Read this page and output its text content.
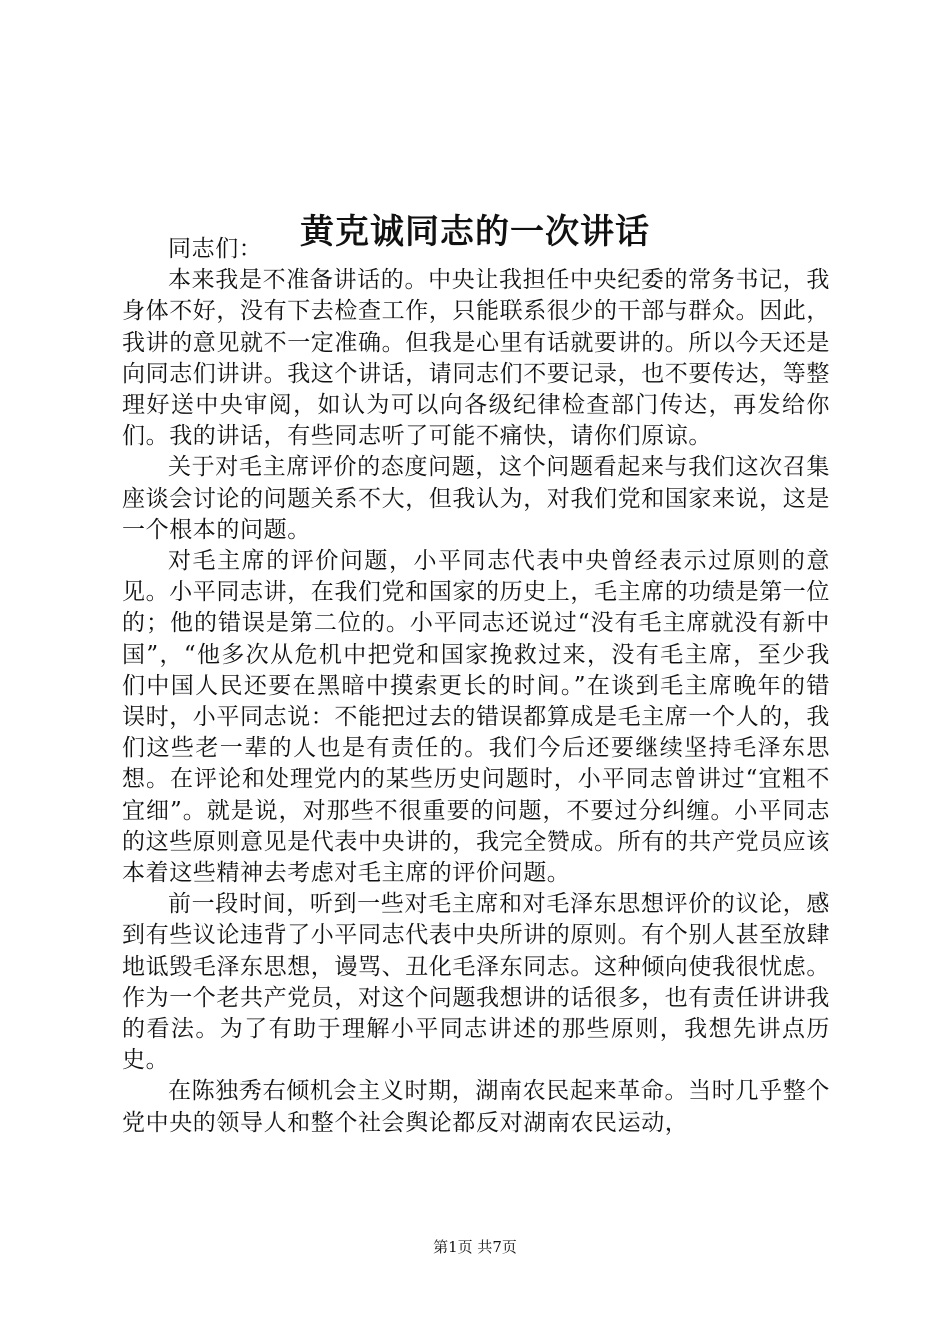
黄克诚同志的一次讲话

同志们：

本来我是不准备讲话的。中央让我担任中央纪委的常务书记，我身体不好，没有下去检查工作，只能联系很少的干部与群众。因此，我讲的意见就不一定准确。但我是心里有话就要讲的。所以今天还是向同志们讲讲。我这个讲话，请同志们不要记录，也不要传达，等整理好送中央审阅，如认为可以向各级纪律检查部门传达，再发给你们。我的讲话，有些同志听了可能不痛快，请你们原谅。

关于对毛主席评价的态度问题，这个问题看起来与我们这次召集座谈会讨论的问题关系不大，但我认为，对我们党和国家来说，这是一个根本的问题。

对毛主席的评价问题，小平同志代表中央曾经表示过原则的意见。小平同志讲，在我们党和国家的历史上，毛主席的功绩是第一位的；他的错误是第二位的。小平同志还说过“没有毛主席就没有新中国”，“他多次从危机中把党和国家挽救过来，没有毛主席，至少我们中国人民还要在黑暗中摸索更长的时间。”在谈到毛主席晚年的错误时，小平同志说：不能把过去的错误都算成是毛主席一个人的，我们这些老一辈的人也是有责任的。我们今后还要继续坚持毛泽东思想。在评论和处理党内的某些历史问题时，小平同志曾讲过“宜粗不宜细”。就是说，对那些不很重要的问题，不要过分纠缠。小平同志的这些原则意见是代表中央讲的，我完全赞成。所有的共产党员应该本着这些精神去考虑对毛主席的评价问题。

前一段时间，听到一些对毛主席和对毛泽东思想评价的议论，感到有些议论违背了小平同志代表中央所讲的原则。有个别人甚至放肆地诋毁毛泽东思想，谩骂、丑化毛泽东同志。这种倾向使我很忧虑。作为一个老共产党员，对这个问题我想讲的话很多，也有责任讲讲我的看法。为了有助于理解小平同志讲述的那些原则，我想先讲点历史。

在陈独秀右倾机会主义时期，湖南农民起来革命。当时几乎整个党中央的领导人和整个社会舆论都反对湖南农民运动，

第1页 共7页
